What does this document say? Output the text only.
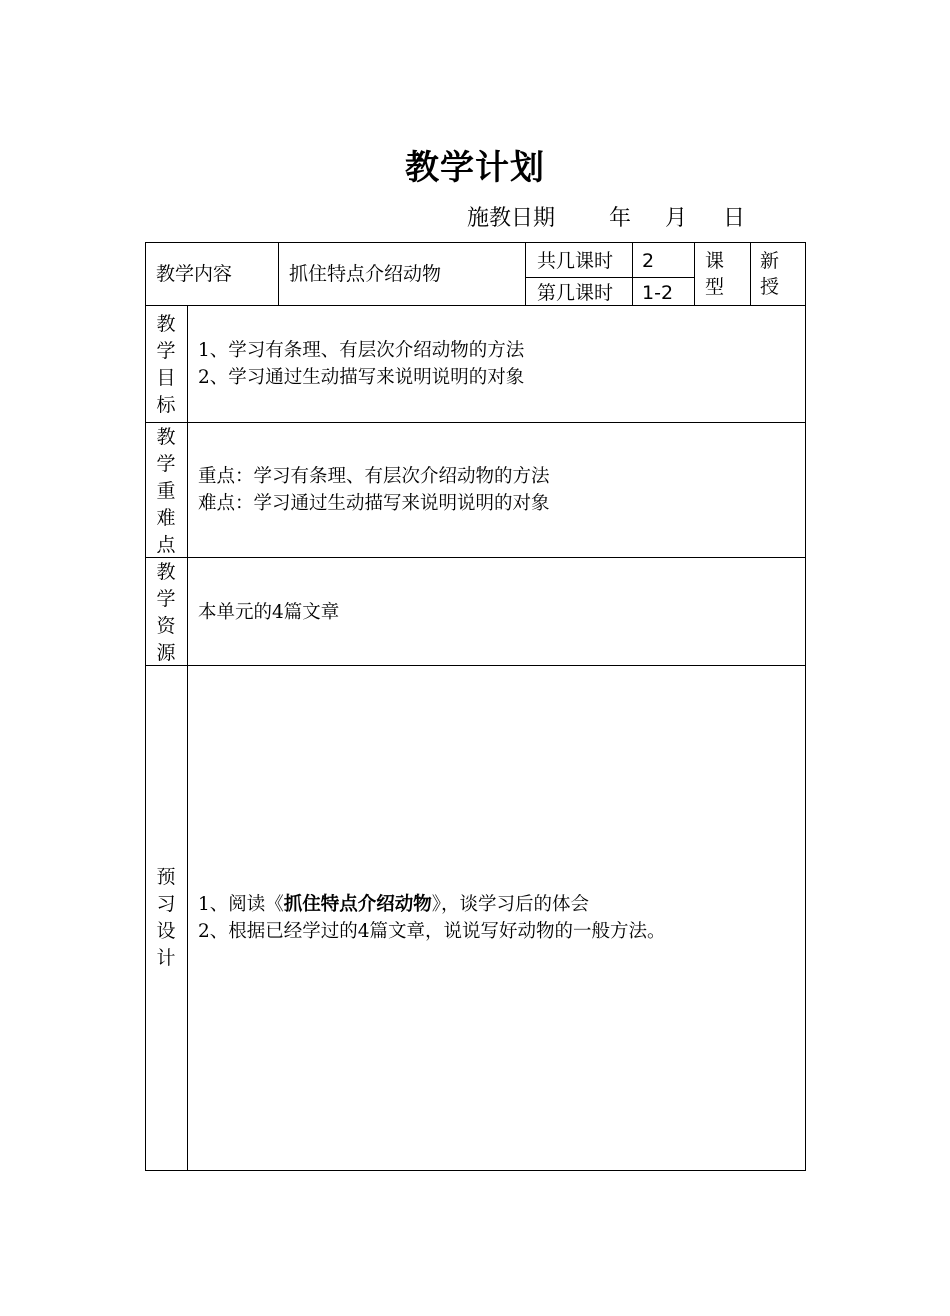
教学计划
施教日期 年 月 日
教学内容	抓住特点介绍动物
共几课时 2
第几课时 1-2
课
型
新
授
教
学
目
标
1、学习有条理、有层次介绍动物的方法
2、学习通过生动描写来说明说明的对象
教
学
重
难
点
重点：学习有条理、有层次介绍动物的方法
难点：学习通过生动描写来说明说明的对象
教
学
资
源
本单元的4篇文章
预
习
设
计
1、阅读《抓住特点介绍动物》，谈学习后的体会
2、根据已经学过的4篇文章，说说写好动物的一般方法。
